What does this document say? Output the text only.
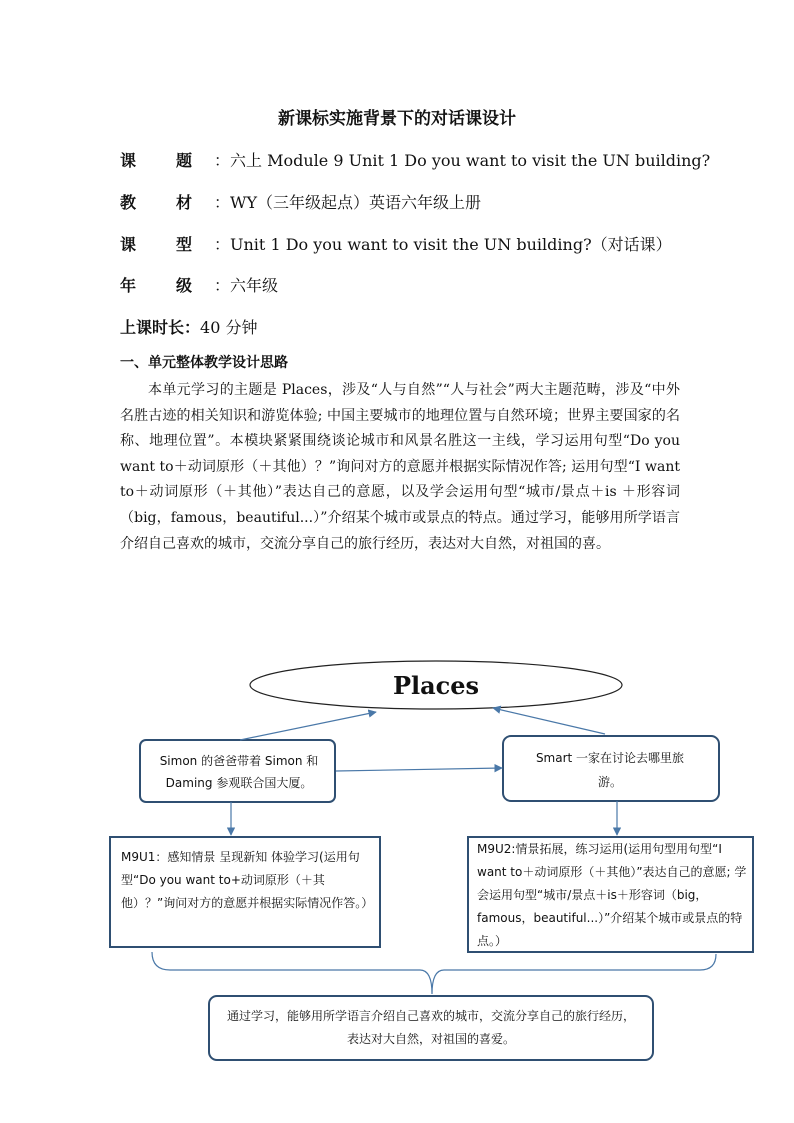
新课标实施背景下的对话课设计
课	题 ：六上 Module 9 Unit 1 Do you want to visit the UN building?
教	材 ：WY（三年级起点）英语六年级上册
课	型 ：Unit 1 Do you want to visit the UN building?（对话课）
年	级 ：六年级
上课时长：40 分钟
一、单元整体教学设计思路
本单元学习的主题是 Places，涉及“人与自然”“人与社会”两大主题范畴，涉及“中外名胜古迹的相关知识和游览体验; 中国主要城市的地理位置与自然环境；世界主要国家的名称、地理位置”。本模块紧紧围绕谈论城市和风景名胜这一主线，学习运用句型“Do you want to＋动词原形（＋其他）？”询问对方的意愿并根据实际情况作答; 运用句型“I want to＋动词原形（＋其他）”表达自己的意愿，以及学会运用句型“城市/景点＋is ＋形容词（big，famous，beautiful...）”介绍某个城市或景点的特点。通过学习，能够用所学语言介绍自己喜欢的城市，交流分享自己的旅行经历，表达对大自然，对祖国的喜。
Places
Simon 的爸爸带着 Simon 和 Daming 参观联合国大厦。
Smart 一家在讨论去哪里旅游。
M9U1：感知情景 呈现新知 体验学习(运用句型“Do you want to+动词原形（＋其他）？”询问对方的意愿并根据实际情况作答。）
M9U2:情景拓展，练习运用(运用句型用句型“I want to＋动词原形（＋其他）”表达自己的意愿; 学会运用句型“城市/景点＋is＋形容词（big，famous，beautiful...）”介绍某个城市或景点的特点。）
通过学习，能够用所学语言介绍自己喜欢的城市，交流分享自己的旅行经历，表达对大自然，对祖国的喜爱。
